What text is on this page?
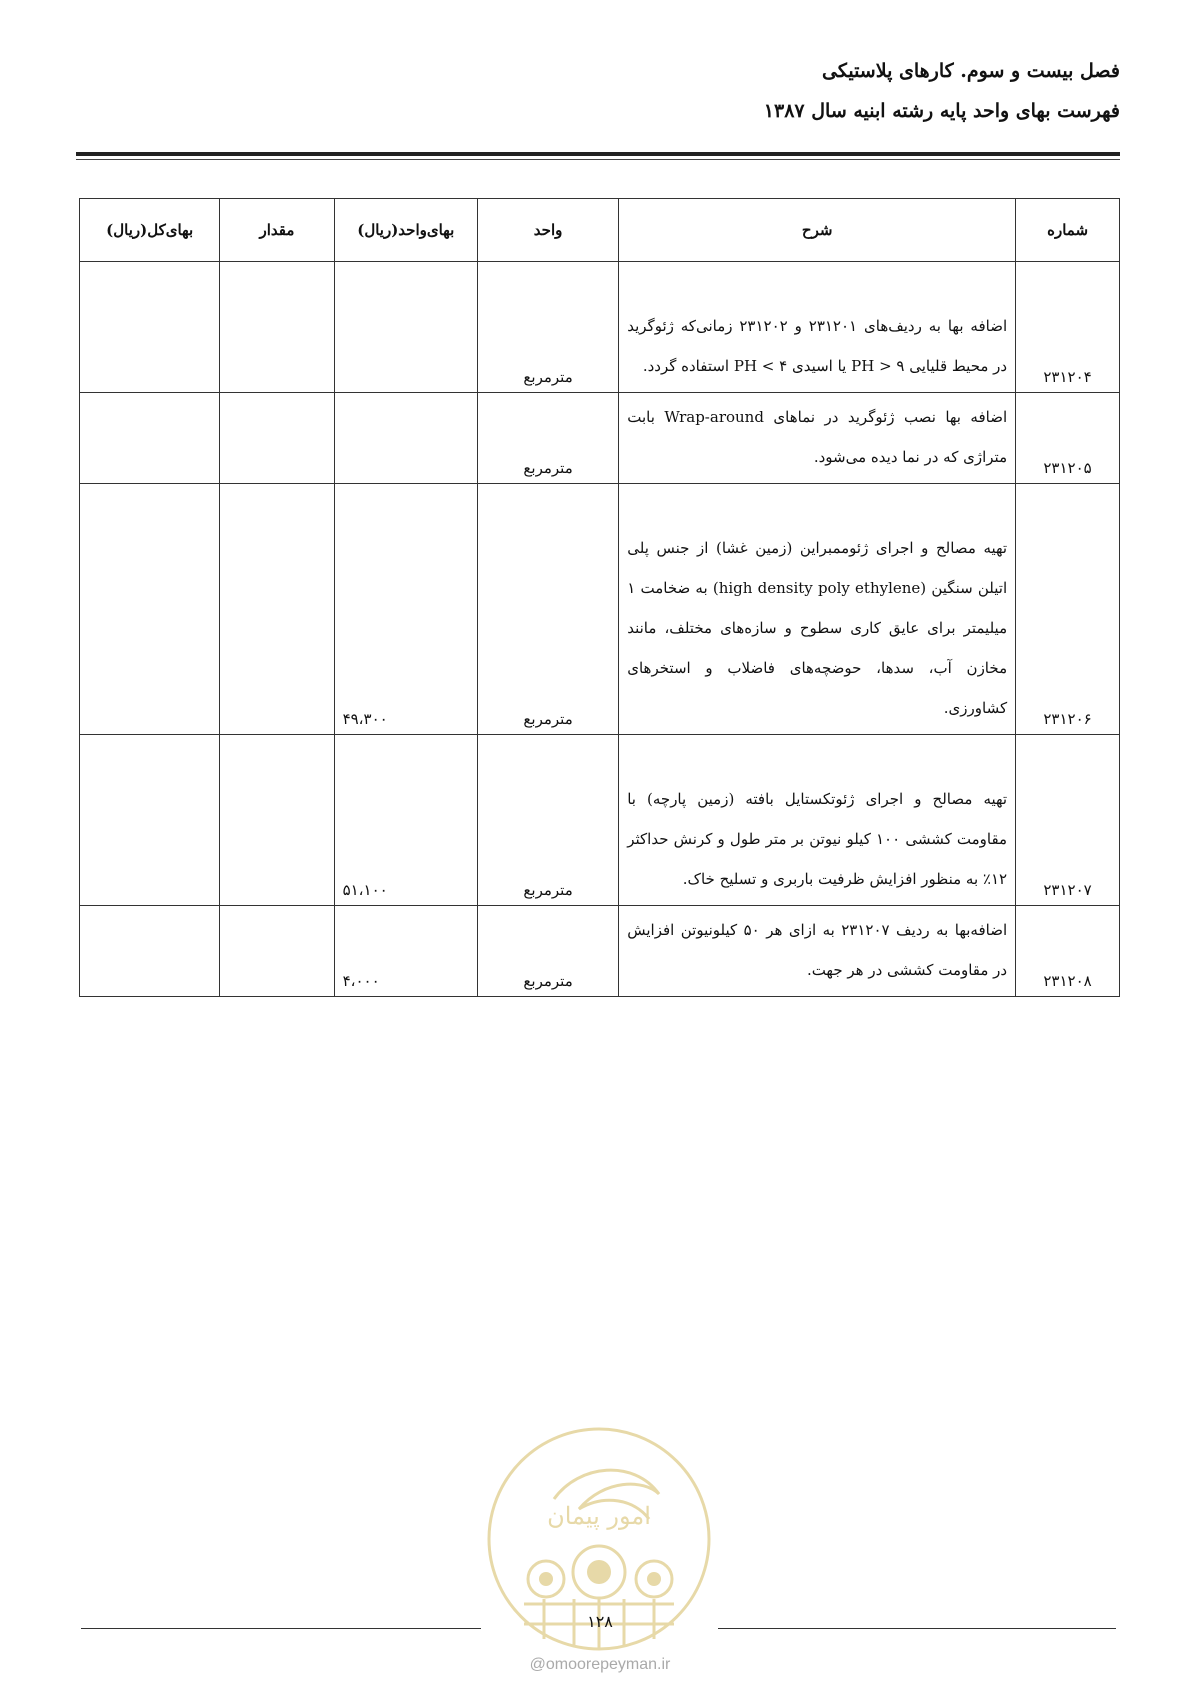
فصل بیست و سوم. کارهای پلاستیکی
فهرست بهای واحد پایه رشته ابنیه سال ۱۳۸۷
شماره	شرح	واحد	بهای‌واحد(ریال)	مقدار	بهای‌کل(ریال)
۲۳۱۲۰۴	اضافه بها به ردیف‌های ۲۳۱۲۰۱ و ۲۳۱۲۰۲ زمانی‌که ژئوگرید در محیط قلیایی PH > ۹ یا اسیدی PH < ۴ استفاده گردد.	مترمربع			
۲۳۱۲۰۵	اضافه بها نصب ژئوگرید در نماهای Wrap-around بابت متراژی که در نما دیده می‌شود.	مترمربع			
۲۳۱۲۰۶	تهیه مصالح و اجرای ژئوممبراین (زمین غشا) از جنس پلی اتیلن سنگین (high density poly ethylene) به ضخامت ۱ میلیمتر برای عایق کاری سطوح و سازه‌های مختلف، مانند مخازن آب، سدها، حوضچه‌های فاضلاب و استخرهای کشاورزی.	مترمربع	۴۹،۳۰۰		
۲۳۱۲۰۷	تهیه مصالح و اجرای ژئوتکستایل بافته (زمین پارچه) با مقاومت کششی ۱۰۰ کیلو نیوتن بر متر طول و کرنش حداکثر ۱۲٪ به منظور افزایش ظرفیت باربری و تسلیح خاک.	مترمربع	۵۱،۱۰۰		
۲۳۱۲۰۸	اضافه‌بها به ردیف ۲۳۱۲۰۷ به ازای هر ۵۰ کیلونیوتن افزایش در مقاومت کششی در هر جهت.	مترمربع	۴،۰۰۰		
امور پیمان
۱۲۸
@omoorepeyman.ir
